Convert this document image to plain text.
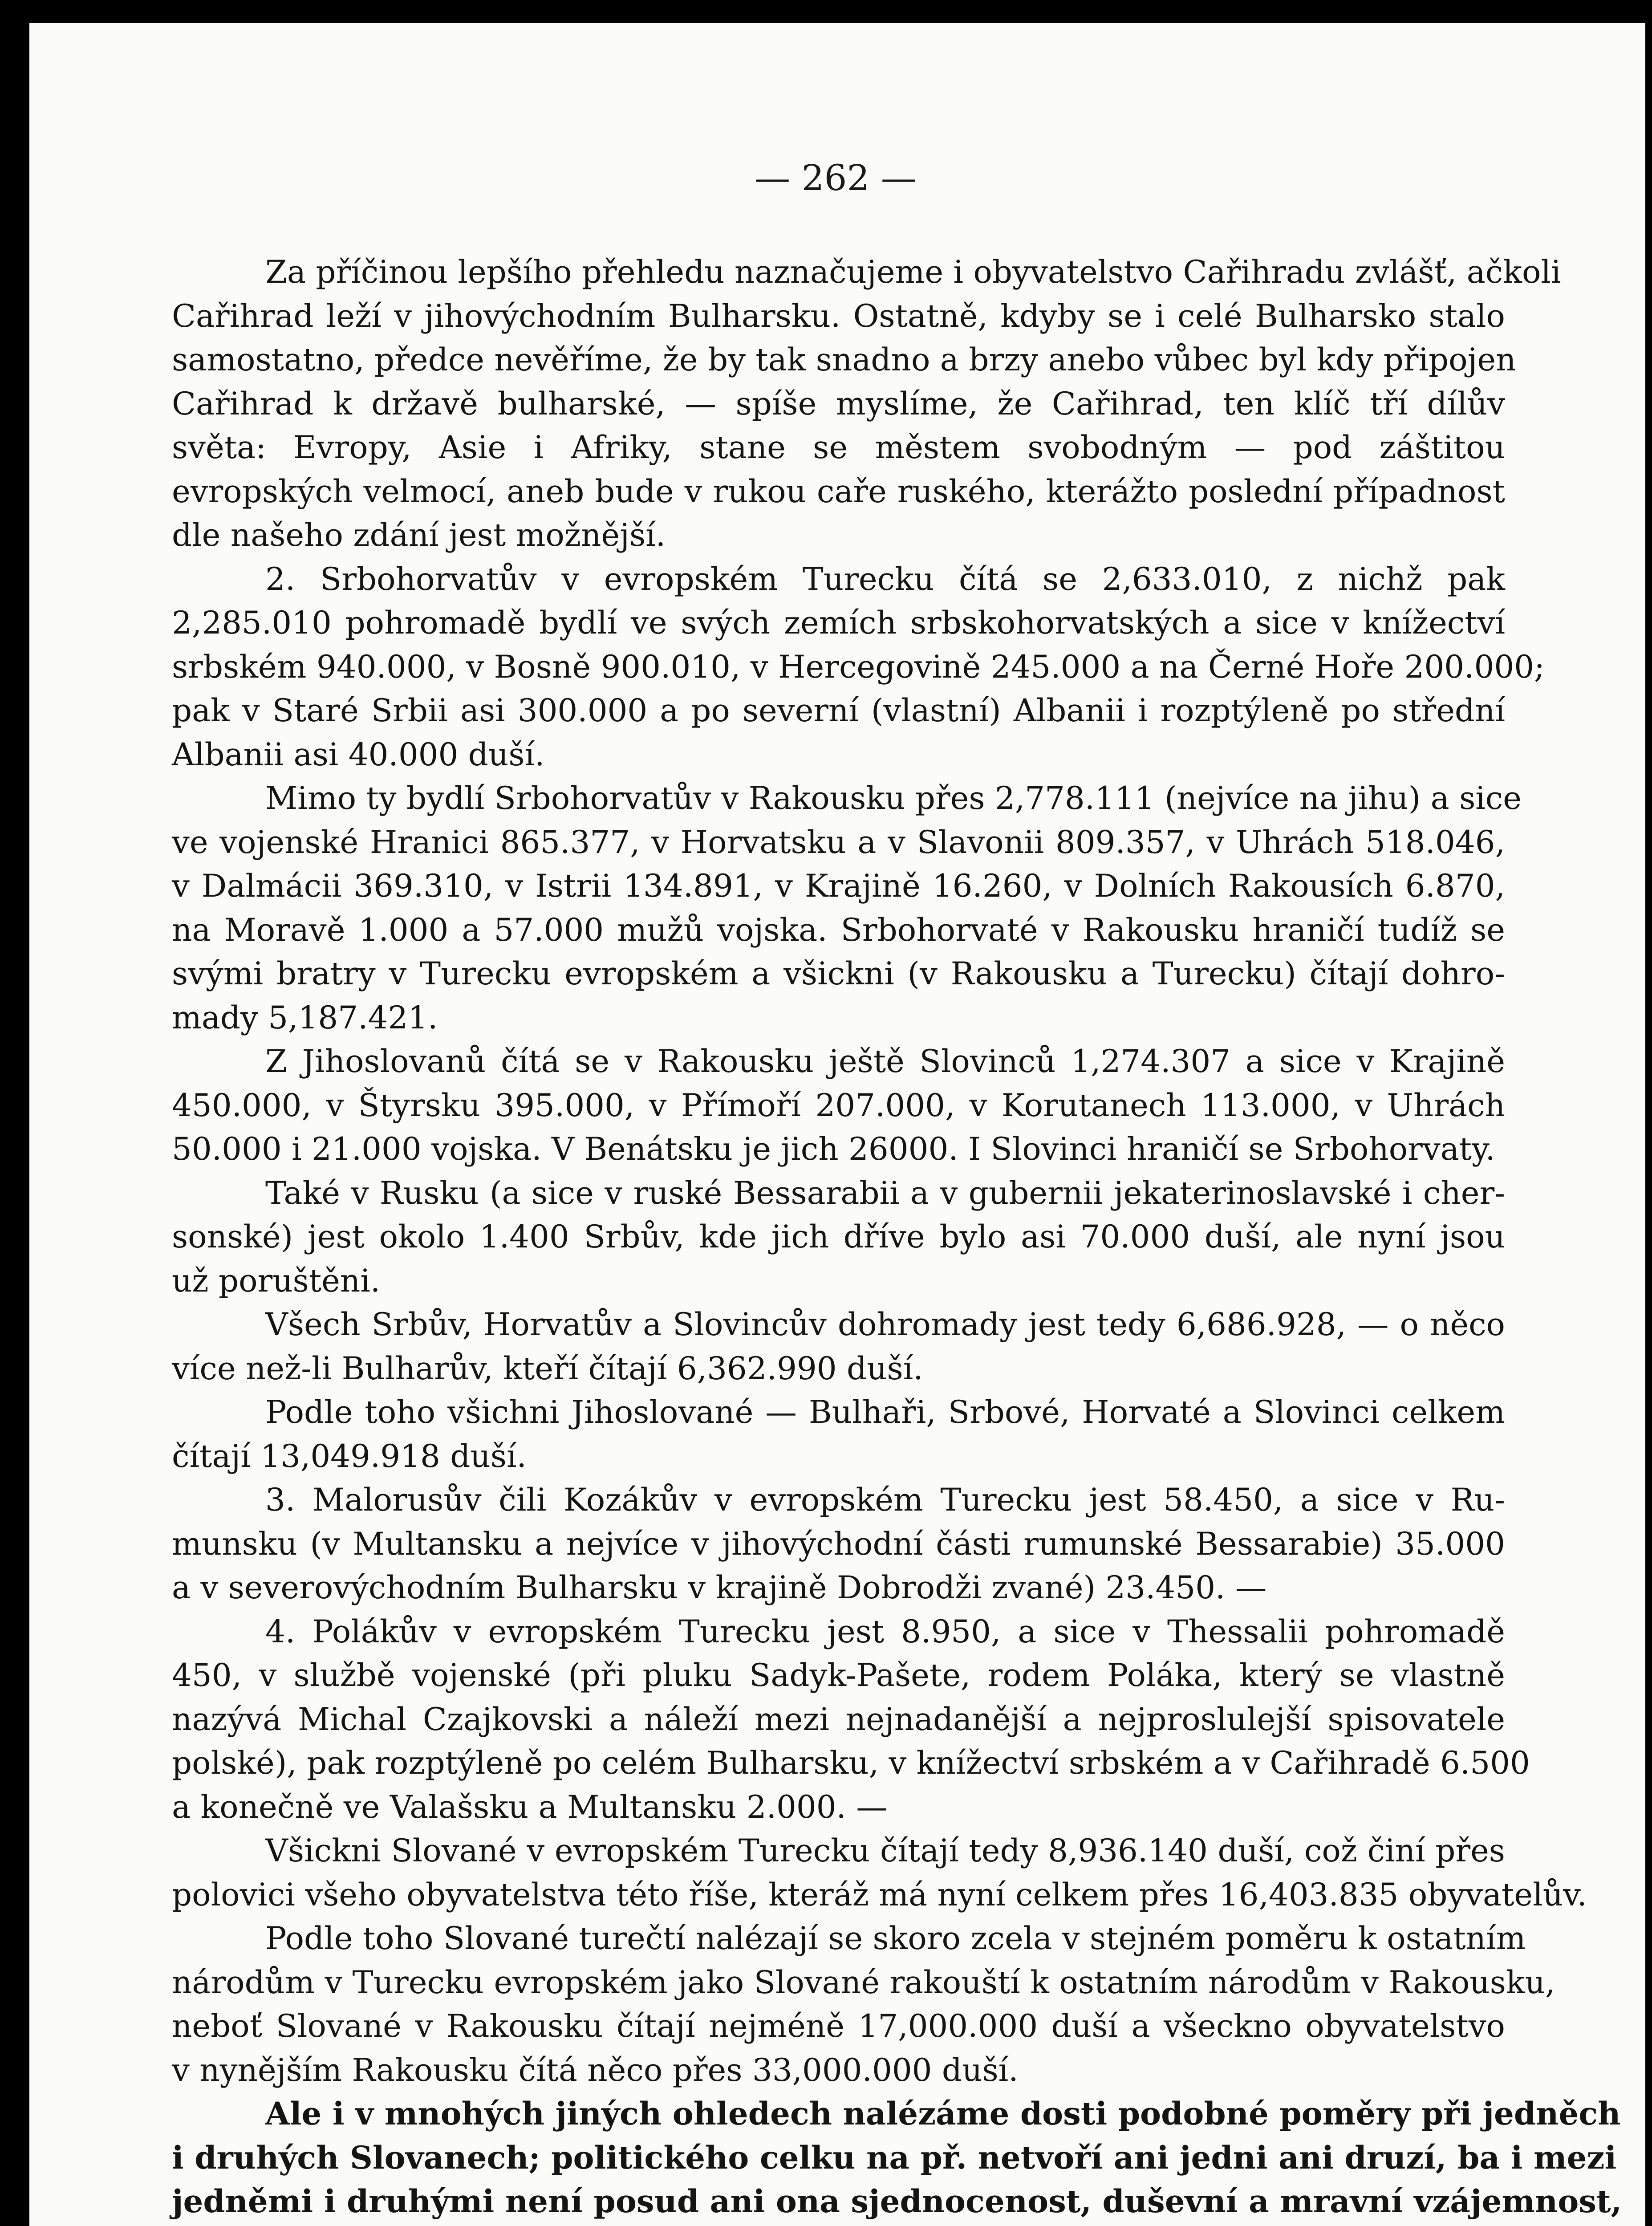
— 262 —
Za příčinou lepšího přehledu naznačujeme i obyvatelstvo Cařihradu zvlášť, ačkoli
Cařihrad leží v jihovýchodním Bulharsku. Ostatně, kdyby se i celé Bulharsko stalo
samostatno, předce nevěříme, že by tak snadno a brzy anebo vůbec byl kdy připojen
Cařihrad k državě bulharské, — spíše myslíme, že Cařihrad, ten klíč tří dílův
světa: Evropy, Asie i Afriky, stane se městem svobodným — pod záštitou
evropských velmocí, aneb bude v rukou caře ruského, kterážto poslední případnost
dle našeho zdání jest možnější.
2. Srbohorvatův v evropském Turecku čítá se 2,633.010, z nichž pak
2,285.010 pohromadě bydlí ve svých zemích srbskohorvatských a sice v knížectví
srbském 940.000, v Bosně 900.010, v Hercegovině 245.000 a na Černé Hoře 200.000;
pak v Staré Srbii asi 300.000 a po severní (vlastní) Albanii i rozptýleně po střední
Albanii asi 40.000 duší.
Mimo ty bydlí Srbohorvatův v Rakousku přes 2,778.111 (nejvíce na jihu) a sice
ve vojenské Hranici 865.377, v Horvatsku a v Slavonii 809.357, v Uhrách 518.046,
v Dalmácii 369.310, v Istrii 134.891, v Krajině 16.260, v Dolních Rakousích 6.870,
na Moravě 1.000 a 57.000 mužů vojska. Srbohorvaté v Rakousku hraničí tudíž se
svými bratry v Turecku evropském a všickni (v Rakousku a Turecku) čítají dohro-
mady 5,187.421.
Z Jihoslovanů čítá se v Rakousku ještě Slovinců 1,274.307 a sice v Krajině
450.000, v Štyrsku 395.000, v Přímoří 207.000, v Korutanech 113.000, v Uhrách
50.000 i 21.000 vojska. V Benátsku je jich 26000. I Slovinci hraničí se Srbohorvaty.
Také v Rusku (a sice v ruské Bessarabii a v gubernii jekaterinoslavské i cher-
sonské) jest okolo 1.400 Srbův, kde jich dříve bylo asi 70.000 duší, ale nyní jsou
už poruštěni.
Všech Srbův, Horvatův a Slovincův dohromady jest tedy 6,686.928, — o něco
více než-li Bulharův, kteří čítají 6,362.990 duší.
Podle toho všichni Jihoslované — Bulhaři, Srbové, Horvaté a Slovinci celkem
čítají 13,049.918 duší.
3. Malorusův čili Kozákův v evropském Turecku jest 58.450, a sice v Ru-
munsku (v Multansku a nejvíce v jihovýchodní části rumunské Bessarabie) 35.000
a v severovýchodním Bulharsku v krajině Dobrodži zvané) 23.450. —
4. Polákův v evropském Turecku jest 8.950, a sice v Thessalii pohromadě
450, v službě vojenské (při pluku Sadyk-Pašete, rodem Poláka, který se vlastně
nazývá Michal Czajkovski a náleží mezi nejnadanější a nejproslulejší spisovatele
polské), pak rozptýleně po celém Bulharsku, v knížectví srbském a v Cařihradě 6.500
a konečně ve Valašsku a Multansku 2.000. —
Všickni Slované v evropském Turecku čítají tedy 8,936.140 duší, což činí přes
polovici všeho obyvatelstva této říše, kteráž má nyní celkem přes 16,403.835 obyvatelův.
Podle toho Slované turečtí nalézají se skoro zcela v stejném poměru k ostatním
národům v Turecku evropském jako Slované rakouští k ostatním národům v Rakousku,
neboť Slované v Rakousku čítají nejméně 17,000.000 duší a všeckno obyvatelstvo
v nynějším Rakousku čítá něco přes 33,000.000 duší.
Ale i v mnohých jiných ohledech nalézáme dosti podobné poměry při jedněch
i druhých Slovanech; politického celku na př. netvoří ani jedni ani druzí, ba i mezi
jedněmi i druhými není posud ani ona sjednocenost, duševní a mravní vzájemnost,
